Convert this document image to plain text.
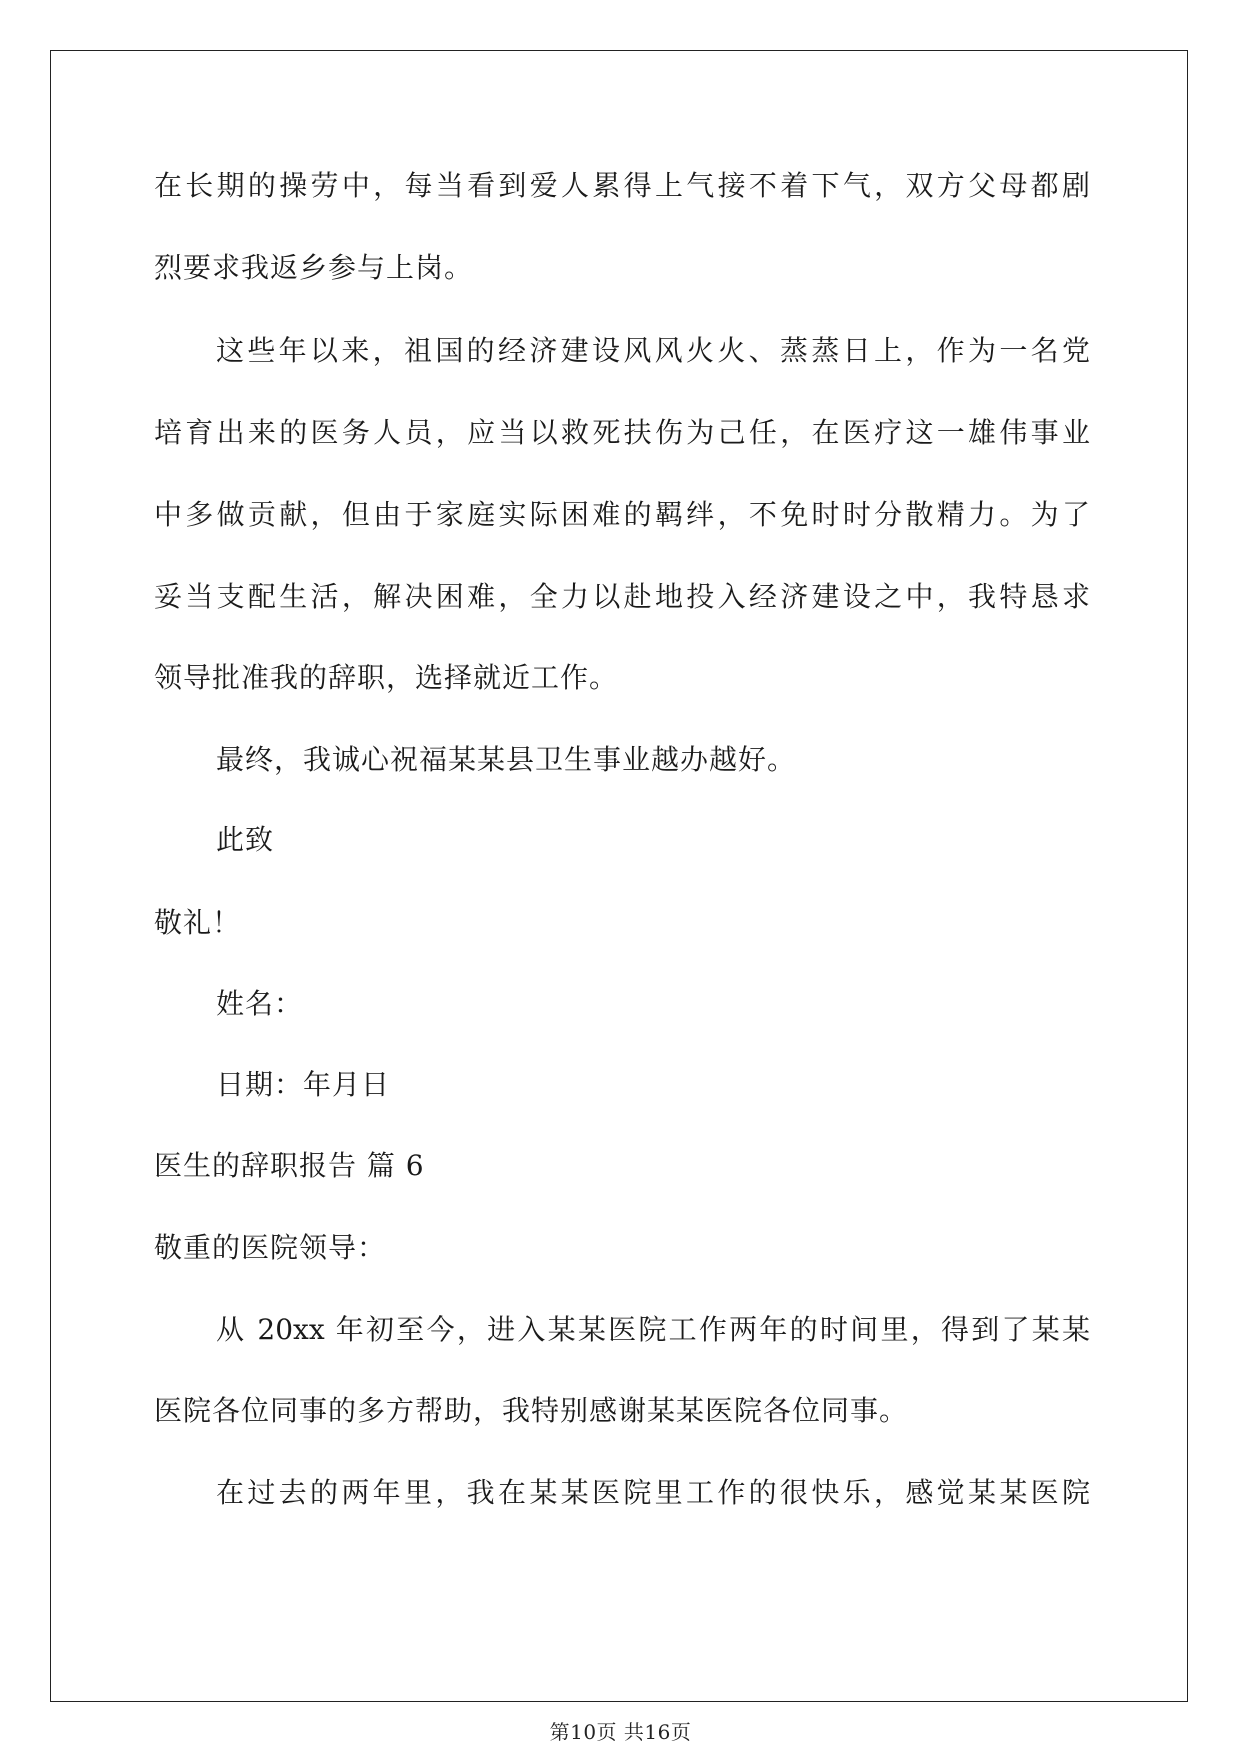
在长期的操劳中，每当看到爱人累得上气接不着下气，双方父母都剧
烈要求我返乡参与上岗。
这些年以来，祖国的经济建设风风火火、蒸蒸日上，作为一名党
培育出来的医务人员，应当以救死扶伤为己任，在医疗这一雄伟事业
中多做贡献，但由于家庭实际困难的羁绊，不免时时分散精力。为了
妥当支配生活，解决困难，全力以赴地投入经济建设之中，我特恳求
领导批准我的辞职，选择就近工作。
最终，我诚心祝福某某县卫生事业越办越好。
此致
敬礼！
姓名：
日期：年月日
医生的辞职报告 篇 6
敬重的医院领导：
从 20xx 年初至今，进入某某医院工作两年的时间里，得到了某某
医院各位同事的多方帮助，我特别感谢某某医院各位同事。
在过去的两年里，我在某某医院里工作的很快乐，感觉某某医院
第10页 共16页
